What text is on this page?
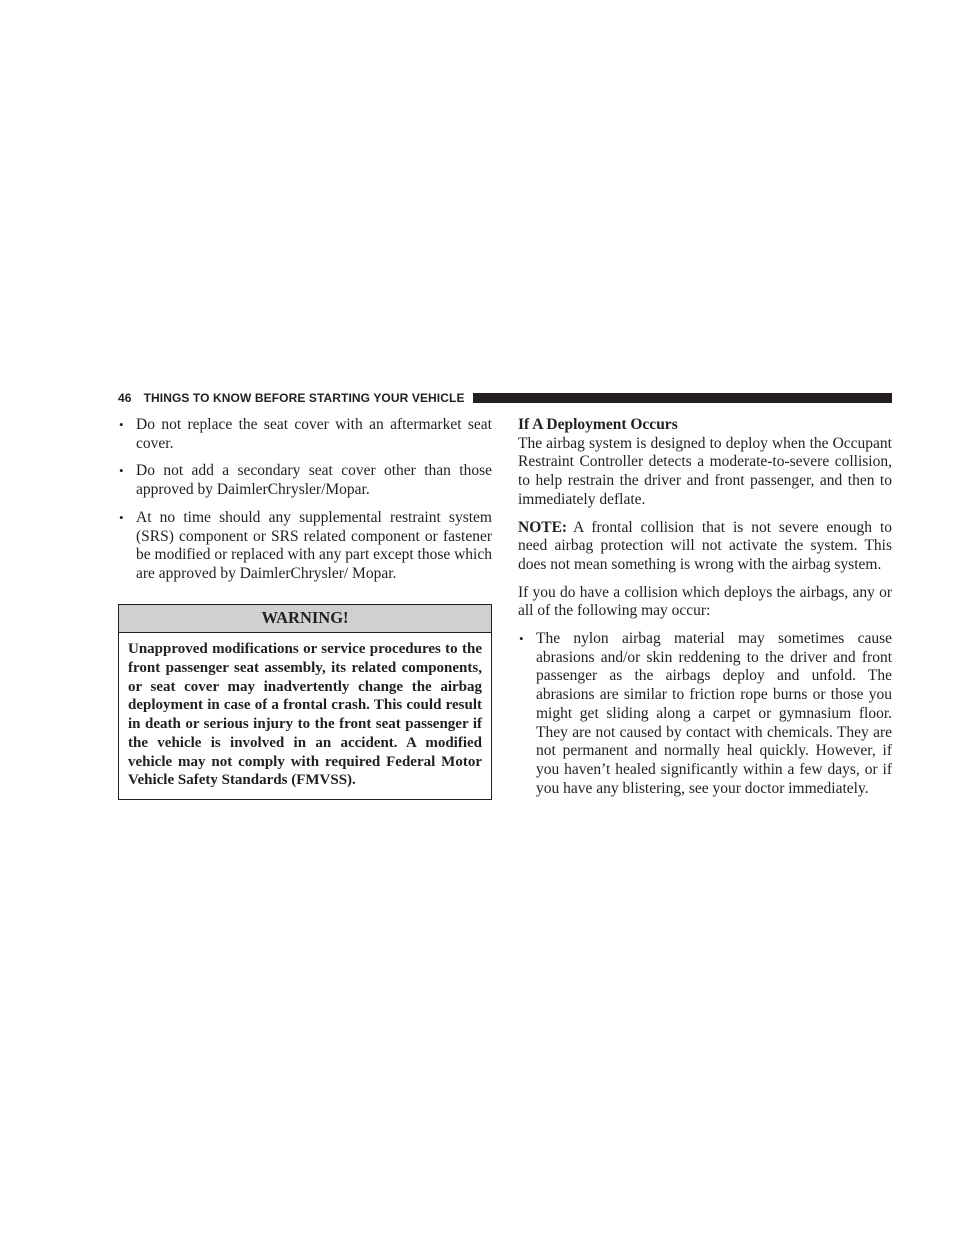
46 THINGS TO KNOW BEFORE STARTING YOUR VEHICLE
• Do not replace the seat cover with an aftermarket seat cover.
• Do not add a secondary seat cover other than those approved by DaimlerChrysler/Mopar.
• At no time should any supplemental restraint system (SRS) component or SRS related component or fastener be modified or replaced with any part except those which are approved by DaimlerChrysler/ Mopar.
WARNING!
Unapproved modifications or service procedures to the front passenger seat assembly, its related components, or seat cover may inadvertently change the airbag deployment in case of a frontal crash. This could result in death or serious injury to the front seat passenger if the vehicle is involved in an accident. A modified vehicle may not comply with required Federal Motor Vehicle Safety Standards (FMVSS).
If A Deployment Occurs

The airbag system is designed to deploy when the Occupant Restraint Controller detects a moderate-to-severe collision, to help restrain the driver and front passenger, and then to immediately deflate.

NOTE: A frontal collision that is not severe enough to need airbag protection will not activate the system. This does not mean something is wrong with the airbag system.

If you do have a collision which deploys the airbags, any or all of the following may occur:

• The nylon airbag material may sometimes cause abrasions and/or skin reddening to the driver and front passenger as the airbags deploy and unfold. The abrasions are similar to friction rope burns or those you might get sliding along a carpet or gymnasium floor. They are not caused by contact with chemicals. They are not permanent and normally heal quickly. However, if you haven’t healed significantly within a few days, or if you have any blistering, see your doctor immediately.
